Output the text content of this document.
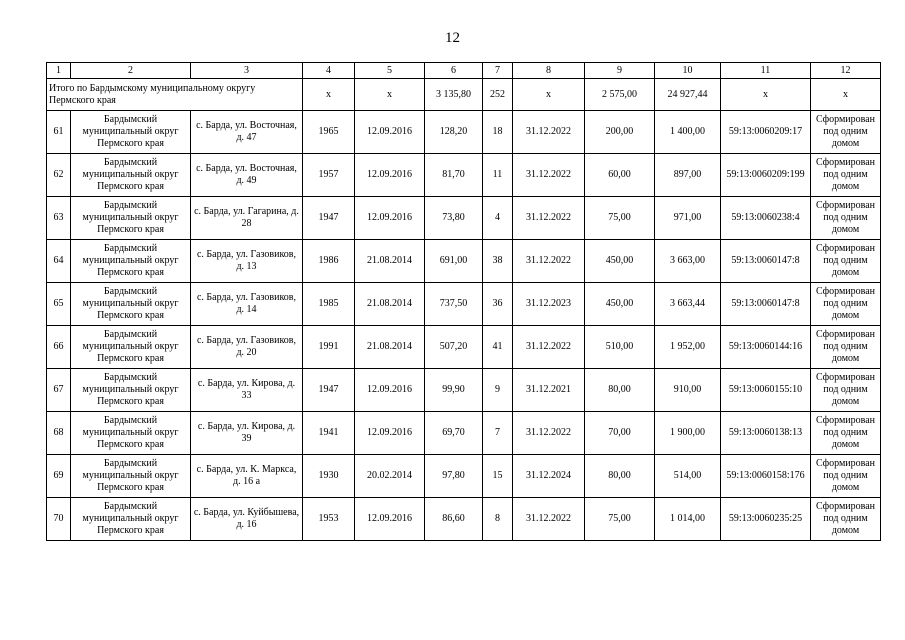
12
1	2	3	4	5	6	7	8	9	10	11	12
Итого по Бардымскому муниципальному округу Пермского края			x	x	3 135,80	252	x	2 575,00	24 927,44	x	x
61	Бардымский муниципальный округ Пермского края	с. Барда, ул. Восточная, д. 47	1965	12.09.2016	128,20	18	31.12.2022	200,00	1 400,00	59:13:0060209:17	Сформирован под одним домом
62	Бардымский муниципальный округ Пермского края	с. Барда, ул. Восточная, д. 49	1957	12.09.2016	81,70	11	31.12.2022	60,00	897,00	59:13:0060209:199	Сформирован под одним домом
63	Бардымский муниципальный округ Пермского края	с. Барда, ул. Гагарина, д. 28	1947	12.09.2016	73,80	4	31.12.2022	75,00	971,00	59:13:0060238:4	Сформирован под одним домом
64	Бардымский муниципальный округ Пермского края	с. Барда, ул. Газовиков, д. 13	1986	21.08.2014	691,00	38	31.12.2022	450,00	3 663,00	59:13:0060147:8	Сформирован под одним домом
65	Бардымский муниципальный округ Пермского края	с. Барда, ул. Газовиков, д. 14	1985	21.08.2014	737,50	36	31.12.2023	450,00	3 663,44	59:13:0060147:8	Сформирован под одним домом
66	Бардымский муниципальный округ Пермского края	с. Барда, ул. Газовиков, д. 20	1991	21.08.2014	507,20	41	31.12.2022	510,00	1 952,00	59:13:0060144:16	Сформирован под одним домом
67	Бардымский муниципальный округ Пермского края	с. Барда, ул. Кирова, д. 33	1947	12.09.2016	99,90	9	31.12.2021	80,00	910,00	59:13:0060155:10	Сформирован под одним домом
68	Бардымский муниципальный округ Пермского края	с. Барда, ул. Кирова, д. 39	1941	12.09.2016	69,70	7	31.12.2022	70,00	1 900,00	59:13:0060138:13	Сформирован под одним домом
69	Бардымский муниципальный округ Пермского края	с. Барда, ул. К. Маркса, д. 16 а	1930	20.02.2014	97,80	15	31.12.2024	80,00	514,00	59:13:0060158:176	Сформирован под одним домом
70	Бардымский муниципальный округ Пермского края	с. Барда, ул. Куйбышева, д. 16	1953	12.09.2016	86,60	8	31.12.2022	75,00	1 014,00	59:13:0060235:25	Сформирован под одним домом
